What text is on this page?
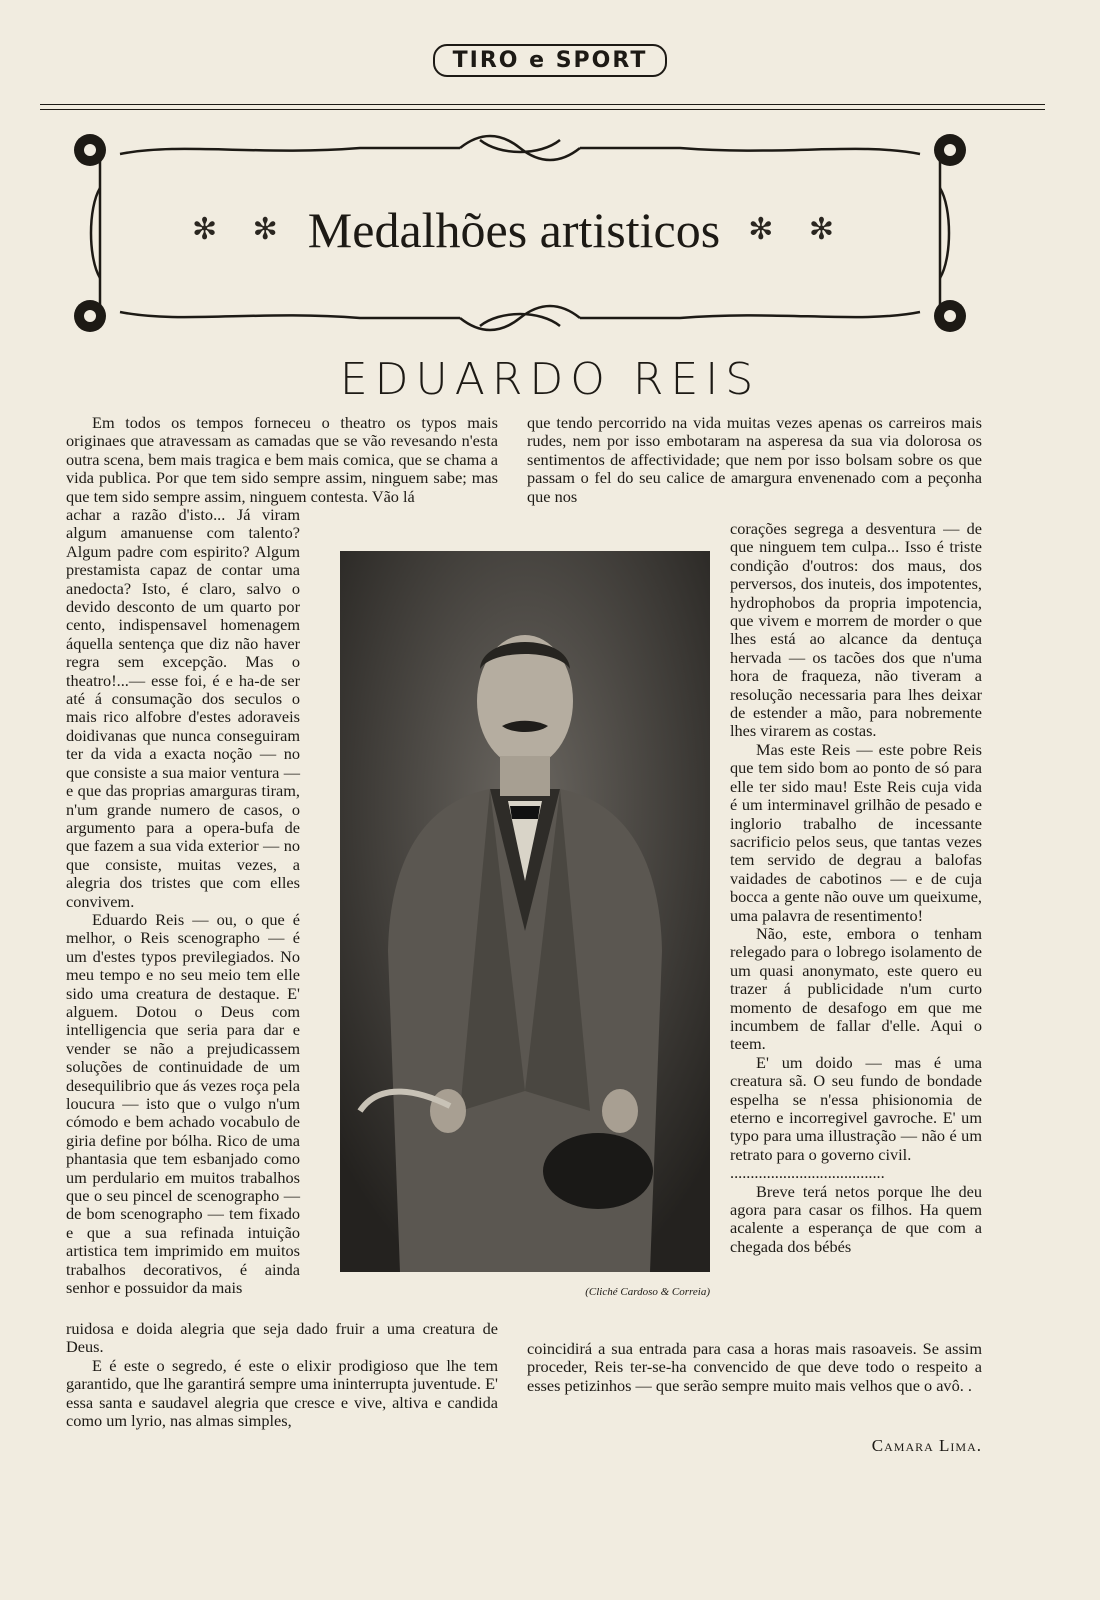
TIRO e SPORT
✻ ✻ Medalhões artisticos ✻ ✻
EDUARDO REIS

Em todos os tempos forneceu o theatro os typos mais originaes que atravessam as camadas que se vão revesando n'esta outra scena, bem mais tragica e bem mais comica, que se chama a vida publica. Por que tem sido sempre assim, ninguem sabe; mas que tem sido sempre assim, ninguem contesta. Vão lá

achar a razão d'isto... Já viram algum amanuense com talento? Algum padre com espirito? Algum prestamista capaz de contar uma anedocta? Isto, é claro, salvo o devido desconto de um quarto por cento, indispensavel homenagem áquella sentença que diz não haver regra sem excepção. Mas o theatro!...— esse foi, é e ha-de ser até á consumação dos seculos o mais rico alfobre d'estes adoraveis doidivanas que nunca conseguiram ter da vida a exacta noção — no que consiste a sua maior ventura — e que das proprias amarguras tiram, n'um grande numero de casos, o argumento para a opera-bufa de que fazem a sua vida exterior — no que consiste, muitas vezes, a alegria dos tristes que com elles convivem.

Eduardo Reis — ou, o que é melhor, o Reis scenographo — é um d'estes typos previlegiados. No meu tempo e no seu meio tem elle sido uma creatura de destaque. E' alguem. Dotou o Deus com intelligencia que seria para dar e vender se não a prejudicassem soluções de continuidade de um desequilibrio que ás vezes roça pela loucura — isto que o vulgo n'um cómodo e bem achado vocabulo de giria define por bólha. Rico de uma phantasia que tem esbanjado como um perdulario em muitos trabalhos que o seu pincel de scenographo — de bom scenographo — tem fixado e que a sua refinada intuição artistica tem imprimido em muitos trabalhos decorativos, é ainda senhor e possuidor da mais

ruidosa e doida alegria que seja dado fruir a uma creatura de Deus.

E é este o segredo, é este o elixir prodigioso que lhe tem garantido, que lhe garantirá sempre uma ininterrupta juventude. E' essa santa e saudavel alegria que cresce e vive, altiva e candida como um lyrio, nas almas simples,

que tendo percorrido na vida muitas vezes apenas os carreiros mais rudes, nem por isso embotaram na asperesa da sua via dolorosa os sentimentos de affectividade; que nem por isso bolsam sobre os que passam o fel do seu calice de amargura envenenado com a peçonha que nos

corações segrega a desventura — de que ninguem tem culpa... Isso é triste condição d'outros: dos maus, dos perversos, dos inuteis, dos impotentes, hydrophobos da propria impotencia, que vivem e morrem de morder o que lhes está ao alcance da dentuça hervada — os tacões dos que n'uma hora de fraqueza, não tiveram a resolução necessaria para lhes deixar de estender a mão, para nobremente lhes virarem as costas.

Mas este Reis — este pobre Reis que tem sido bom ao ponto de só para elle ter sido mau! Este Reis cuja vida é um interminavel grilhão de pesado e inglorio trabalho de incessante sacrificio pelos seus, que tantas vezes tem servido de degrau a balofas vaidades de cabotinos — e de cuja bocca a gente não ouve um queixume, uma palavra de resentimento!

Não, este, embora o tenham relegado para o lobrego isolamento de um quasi anonymato, este quero eu trazer á publicidade n'um curto momento de desafogo em que me incumbem de fallar d'elle. Aqui o teem.

E' um doido — mas é uma creatura sã. O seu fundo de bondade espelha se n'essa phisionomia de eterno e incorregivel gavroche. E' um typo para uma illustração — não é um retrato para o governo civil.

......................................

Breve terá netos porque lhe deu agora para casar os filhos. Ha quem acalente a esperança de que com a chegada dos bébés

coincidirá a sua entrada para casa a horas mais rasoaveis. Se assim proceder, Reis ter-se-ha convencido de que deve todo o respeito a esses petizinhos — que serão sempre muito mais velhos que o avô. .

(Cliché Cardoso & Correia)
Camara Lima.
